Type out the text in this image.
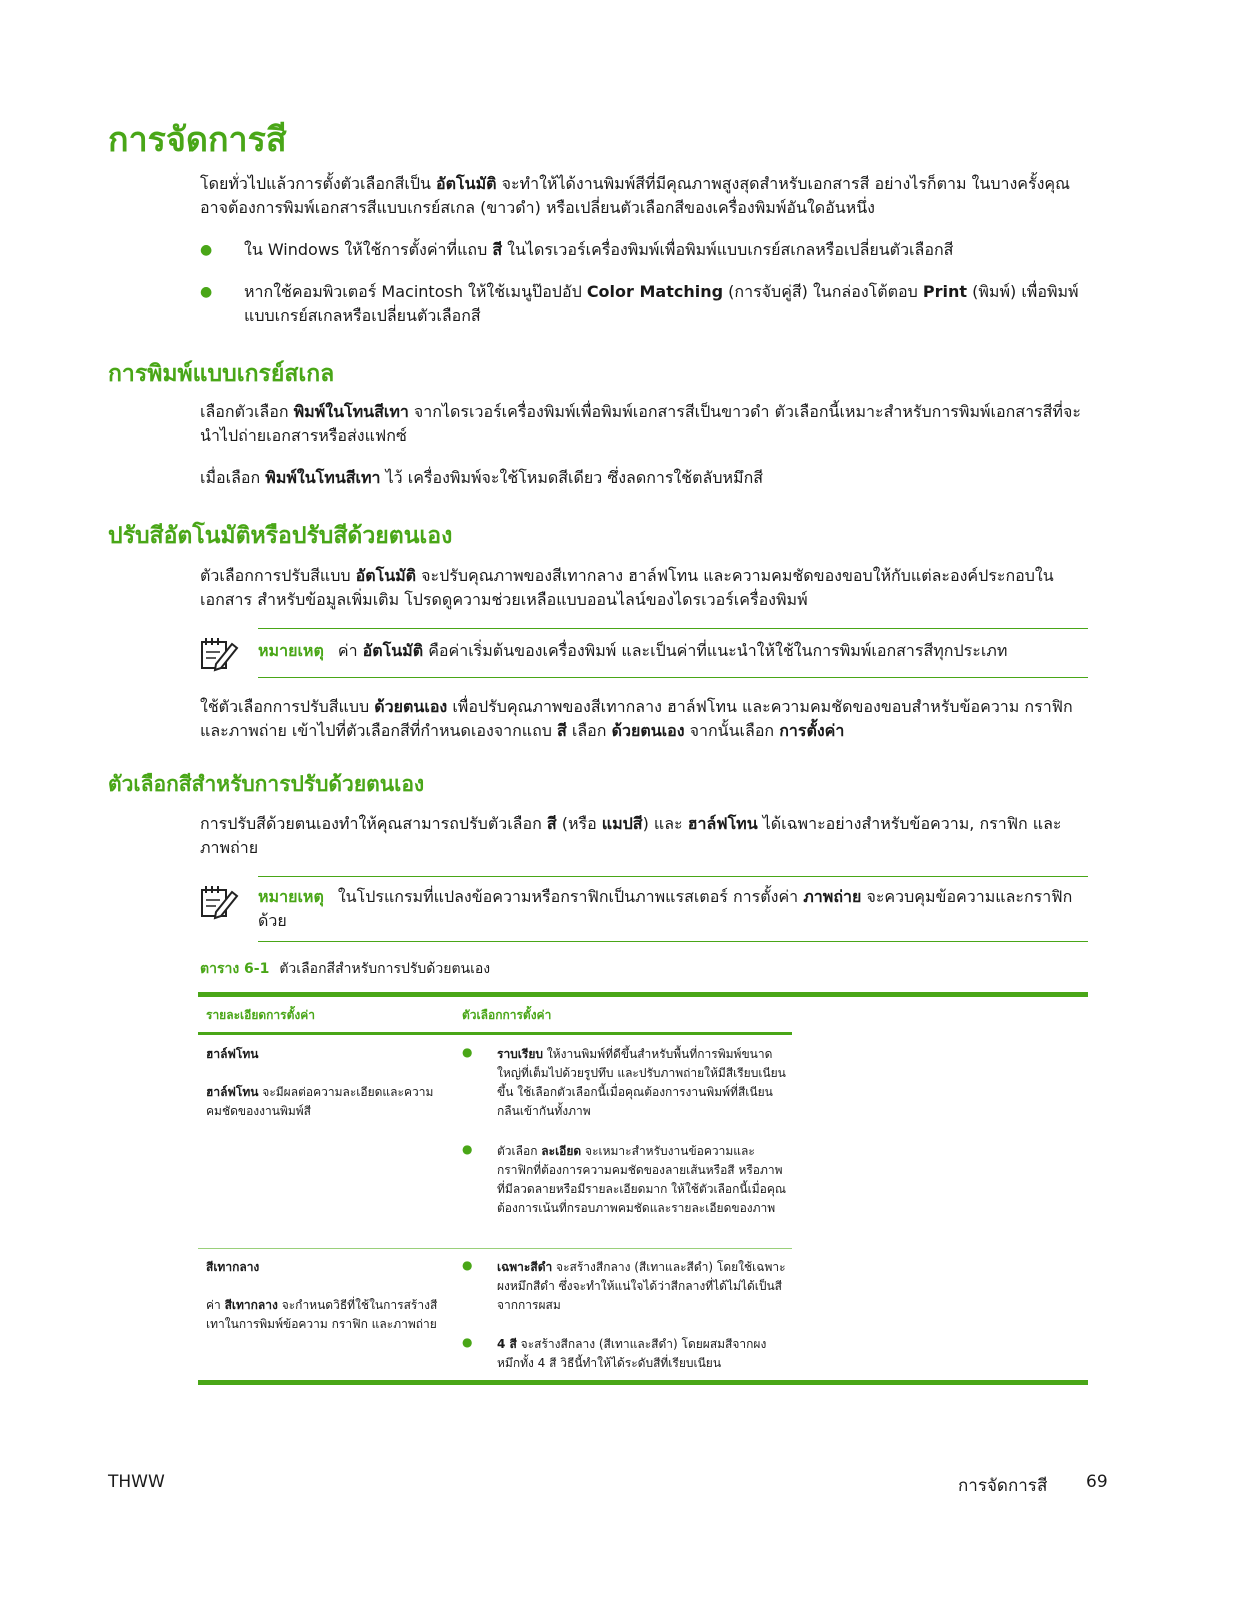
การจัดการสี

โดยทั่วไปแล้วการตั้งตัวเลือกสีเป็น อัตโนมัติ จะทำให้ได้งานพิมพ์สีที่มีคุณภาพสูงสุดสำหรับเอกสารสี อย่างไรก็ตาม ในบางครั้งคุณอาจต้องการพิมพ์เอกสารสีแบบเกรย์สเกล (ขาวดำ) หรือเปลี่ยนตัวเลือกสีของเครื่องพิมพ์อันใดอันหนึ่ง

● ใน Windows ให้ใช้การตั้งค่าที่แถบ สี ในไดรเวอร์เครื่องพิมพ์เพื่อพิมพ์แบบเกรย์สเกลหรือเปลี่ยนตัวเลือกสี
● หากใช้คอมพิวเตอร์ Macintosh ให้ใช้เมนูป๊อปอัป Color Matching (การจับคู่สี) ในกล่องโต้ตอบ Print (พิมพ์) เพื่อพิมพ์แบบเกรย์สเกลหรือเปลี่ยนตัวเลือกสี
การพิมพ์แบบเกรย์สเกล

เลือกตัวเลือก พิมพ์ในโทนสีเทา จากไดรเวอร์เครื่องพิมพ์เพื่อพิมพ์เอกสารสีเป็นขาวดำ ตัวเลือกนี้เหมาะสำหรับการพิมพ์เอกสารสีที่จะนำไปถ่ายเอกสารหรือส่งแฟกซ์

เมื่อเลือก พิมพ์ในโทนสีเทา ไว้ เครื่องพิมพ์จะใช้โหมดสีเดียว ซึ่งลดการใช้ตลับหมึกสี

ปรับสีอัตโนมัติหรือปรับสีด้วยตนเอง

ตัวเลือกการปรับสีแบบ อัตโนมัติ จะปรับคุณภาพของสีเทากลาง ฮาล์ฟโทน และความคมชัดของขอบให้กับแต่ละองค์ประกอบในเอกสาร สำหรับข้อมูลเพิ่มเติม โปรดดูความช่วยเหลือแบบออนไลน์ของไดรเวอร์เครื่องพิมพ์

หมายเหตุ ค่า อัตโนมัติ คือค่าเริ่มต้นของเครื่องพิมพ์ และเป็นค่าที่แนะนำให้ใช้ในการพิมพ์เอกสารสีทุกประเภท

ใช้ตัวเลือกการปรับสีแบบ ด้วยตนเอง เพื่อปรับคุณภาพของสีเทากลาง ฮาล์ฟโทน และความคมชัดของขอบสำหรับข้อความ กราฟิก และภาพถ่าย เข้าไปที่ตัวเลือกสีที่กำหนดเองจากแถบ สี เลือก ด้วยตนเอง จากนั้นเลือก การตั้งค่า

ตัวเลือกสีสำหรับการปรับด้วยตนเอง

การปรับสีด้วยตนเองทำให้คุณสามารถปรับตัวเลือก สี (หรือ แมปสี) และ ฮาล์ฟโทน ได้เฉพาะอย่างสำหรับข้อความ, กราฟิก และภาพถ่าย

หมายเหตุ ในโปรแกรมที่แปลงข้อความหรือกราฟิกเป็นภาพแรสเตอร์ การตั้งค่า ภาพถ่าย จะควบคุมข้อความและกราฟิกด้วย
ตาราง 6-1 ตัวเลือกสีสำหรับการปรับด้วยตนเอง
รายละเอียดการตั้งค่า	ตัวเลือกการตั้งค่า
ฮาล์ฟโทน
ฮาล์ฟโทน จะมีผลต่อความละเอียดและความคมชัดของงานพิมพ์สี
● ราบเรียบ ให้งานพิมพ์ที่ดีขึ้นสำหรับพื้นที่การพิมพ์ขนาดใหญ่ที่เต็มไปด้วยรูปทึบ และปรับภาพถ่ายให้มีสีเรียบเนียนขึ้น ใช้เลือกตัวเลือกนี้เมื่อคุณต้องการงานพิมพ์ที่สีเนียนกลืนเข้ากันทั้งภาพ
● ตัวเลือก ละเอียด จะเหมาะสำหรับงานข้อความและกราฟิกที่ต้องการความคมชัดของลายเส้นหรือสี หรือภาพที่มีลวดลายหรือมีรายละเอียดมาก ให้ใช้ตัวเลือกนี้เมื่อคุณต้องการเน้นที่กรอบภาพคมชัดและรายละเอียดของภาพ
สีเทากลาง
ค่า สีเทากลาง จะกำหนดวิธีที่ใช้ในการสร้างสีเทาในการพิมพ์ข้อความ กราฟิก และภาพถ่าย
● เฉพาะสีดำ จะสร้างสีกลาง (สีเทาและสีดำ) โดยใช้เฉพาะผงหมึกสีดำ ซึ่งจะทำให้แน่ใจได้ว่าสีกลางที่ได้ไม่ได้เป็นสีจากการผสม
● 4 สี จะสร้างสีกลาง (สีเทาและสีดำ) โดยผสมสีจากผงหมึกทั้ง 4 สี วิธีนี้ทำให้ได้ระดับสีที่เรียบเนียน
THWW	การจัดการสี 69
